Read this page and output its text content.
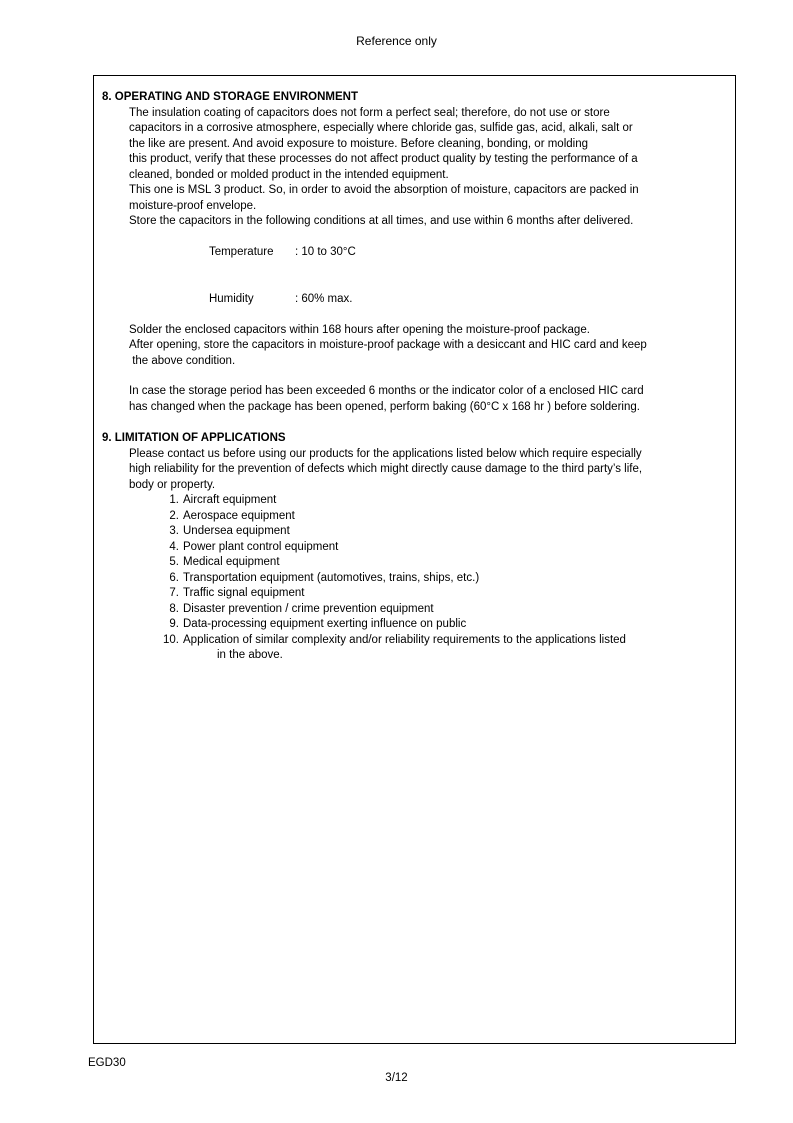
Reference only
8. OPERATING AND STORAGE ENVIRONMENT
The insulation coating of capacitors does not form a perfect seal; therefore, do not use or store
capacitors in a corrosive atmosphere, especially where chloride gas, sulfide gas, acid, alkali, salt or
the like are present. And avoid exposure to moisture. Before cleaning, bonding, or molding
this product, verify that these processes do not affect product quality by testing the performance of a
cleaned, bonded or molded product in the intended equipment.
This one is MSL 3 product. So, in order to avoid the absorption of moisture, capacitors are packed in
moisture-proof envelope.
Store the capacitors in the following conditions at all times, and use within 6 months after delivered.

Temperature : 10 to 30°C

Humidity	: 60% max.

Solder the enclosed capacitors within 168 hours after opening the moisture-proof package.
After opening, store the capacitors in moisture-proof package with a desiccant and HIC card and keep
the above condition.
In case the storage period has been exceeded 6 months or the indicator color of a enclosed HIC card
has changed when the package has been opened, perform baking (60°C x 168 hr ) before soldering.
9. LIMITATION OF APPLICATIONS
Please contact us before using our products for the applications listed below which require especially
high reliability for the prevention of defects which might directly cause damage to the third party’s life,
body or property.
1. Aircraft equipment
2. Aerospace equipment
3. Undersea equipment
4. Power plant control equipment
5. Medical equipment
6. Transportation equipment (automotives, trains, ships, etc.)
7. Traffic signal equipment
8. Disaster prevention / crime prevention equipment
9. Data-processing equipment exerting influence on public
10. Application of similar complexity and/or reliability requirements to the applications listed
in the above.
EGD30
3/12
